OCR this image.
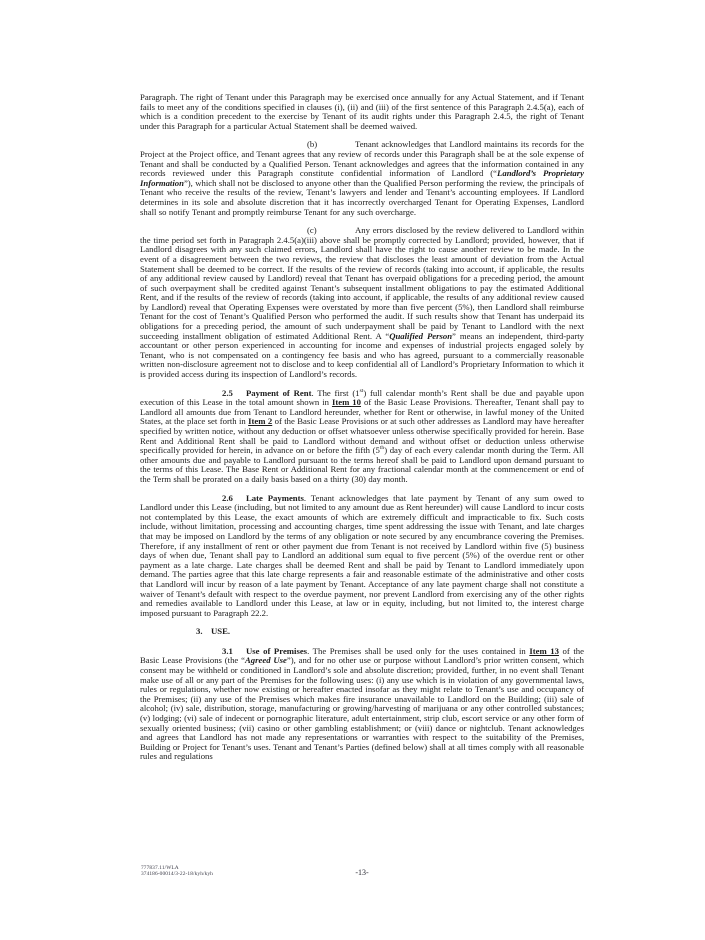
Paragraph. The right of Tenant under this Paragraph may be exercised once annually for any Actual Statement, and if Tenant fails to meet any of the conditions specified in clauses (i), (ii) and (iii) of the first sentence of this Paragraph 2.4.5(a), each of which is a condition precedent to the exercise by Tenant of its audit rights under this Paragraph 2.4.5, the right of Tenant under this Paragraph for a particular Actual Statement shall be deemed waived.

(b)	Tenant acknowledges that Landlord maintains its records for the Project at the Project office, and Tenant agrees that any review of records under this Paragraph shall be at the sole expense of Tenant and shall be conducted by a Qualified Person. Tenant acknowledges and agrees that the information contained in any records reviewed under this Paragraph constitute confidential information of Landlord (“Landlord’s Proprietary Information”), which shall not be disclosed to anyone other than the Qualified Person performing the review, the principals of Tenant who receive the results of the review, Tenant’s lawyers and lender and Tenant’s accounting employees. If Landlord determines in its sole and absolute discretion that it has incorrectly overcharged Tenant for Operating Expenses, Landlord shall so notify Tenant and promptly reimburse Tenant for any such overcharge.

(c)	Any errors disclosed by the review delivered to Landlord within the time period set forth in Paragraph 2.4.5(a)(iii) above shall be promptly corrected by Landlord; provided, however, that if Landlord disagrees with any such claimed errors, Landlord shall have the right to cause another review to be made. In the event of a disagreement between the two reviews, the review that discloses the least amount of deviation from the Actual Statement shall be deemed to be correct. If the results of the review of records (taking into account, if applicable, the results of any additional review caused by Landlord) reveal that Tenant has overpaid obligations for a preceding period, the amount of such overpayment shall be credited against Tenant’s subsequent installment obligations to pay the estimated Additional Rent, and if the results of the review of records (taking into account, if applicable, the results of any additional review caused by Landlord) reveal that Operating Expenses were overstated by more than five percent (5%), then Landlord shall reimburse Tenant for the cost of Tenant’s Qualified Person who performed the audit. If such results show that Tenant has underpaid its obligations for a preceding period, the amount of such underpayment shall be paid by Tenant to Landlord with the next succeeding installment obligation of estimated Additional Rent. A “Qualified Person” means an independent, third-party accountant or other person experienced in accounting for income and expenses of industrial projects engaged solely by Tenant, who is not compensated on a contingency fee basis and who has agreed, pursuant to a commercially reasonable written non-disclosure agreement not to disclose and to keep confidential all of Landlord’s Proprietary Information to which it is provided access during its inspection of Landlord’s records.

2.5 Payment of Rent. The first (1st) full calendar month’s Rent shall be due and payable upon execution of this Lease in the total amount shown in Item 10 of the Basic Lease Provisions. Thereafter, Tenant shall pay to Landlord all amounts due from Tenant to Landlord hereunder, whether for Rent or otherwise, in lawful money of the United States, at the place set forth in Item 2 of the Basic Lease Provisions or at such other addresses as Landlord may have hereafter specified by written notice, without any deduction or offset whatsoever unless otherwise specifically provided for herein. Base Rent and Additional Rent shall be paid to Landlord without demand and without offset or deduction unless otherwise specifically provided for herein, in advance on or before the fifth (5th) day of each every calendar month during the Term. All other amounts due and payable to Landlord pursuant to the terms hereof shall be paid to Landlord upon demand pursuant to the terms of this Lease. The Base Rent or Additional Rent for any fractional calendar month at the commencement or end of the Term shall be prorated on a daily basis based on a thirty (30) day month.

2.6 Late Payments. Tenant acknowledges that late payment by Tenant of any sum owed to Landlord under this Lease (including, but not limited to any amount due as Rent hereunder) will cause Landlord to incur costs not contemplated by this Lease, the exact amounts of which are extremely difficult and impracticable to fix. Such costs include, without limitation, processing and accounting charges, time spent addressing the issue with Tenant, and late charges that may be imposed on Landlord by the terms of any obligation or note secured by any encumbrance covering the Premises. Therefore, if any installment of rent or other payment due from Tenant is not received by Landlord within five (5) business days of when due, Tenant shall pay to Landlord an additional sum equal to five percent (5%) of the overdue rent or other payment as a late charge. Late charges shall be deemed Rent and shall be paid by Tenant to Landlord immediately upon demand. The parties agree that this late charge represents a fair and reasonable estimate of the administrative and other costs that Landlord will incur by reason of a late payment by Tenant. Acceptance of any late payment charge shall not constitute a waiver of Tenant’s default with respect to the overdue payment, nor prevent Landlord from exercising any of the other rights and remedies available to Landlord under this Lease, at law or in equity, including, but not limited to, the interest charge imposed pursuant to Paragraph 22.2.

3. USE.

3.1 Use of Premises. The Premises shall be used only for the uses contained in Item 13 of the Basic Lease Provisions (the “Agreed Use”), and for no other use or purpose without Landlord’s prior written consent, which consent may be withheld or conditioned in Landlord’s sole and absolute discretion; provided, further, in no event shall Tenant make use of all or any part of the Premises for the following uses: (i) any use which is in violation of any governmental laws, rules or regulations, whether now existing or hereafter enacted insofar as they might relate to Tenant’s use and occupancy of the Premises; (ii) any use of the Premises which makes fire insurance unavailable to Landlord on the Building; (iii) sale of alcohol; (iv) sale, distribution, storage, manufacturing or growing/harvesting of marijuana or any other controlled substances; (v) lodging; (vi) sale of indecent or pornographic literature, adult entertainment, strip club, escort service or any other form of sexually oriented business; (vii) casino or other gambling establishment; or (viii) dance or nightclub. Tenant acknowledges and agrees that Landlord has not made any representations or warranties with respect to the suitability of the Premises, Building or Project for Tenant’s uses. Tenant and Tenant’s Parties (defined below) shall at all times comply with all reasonable rules and regulations

777837.11/WLA
374186-00014/3-22-18/kyh/kyh	-13-
